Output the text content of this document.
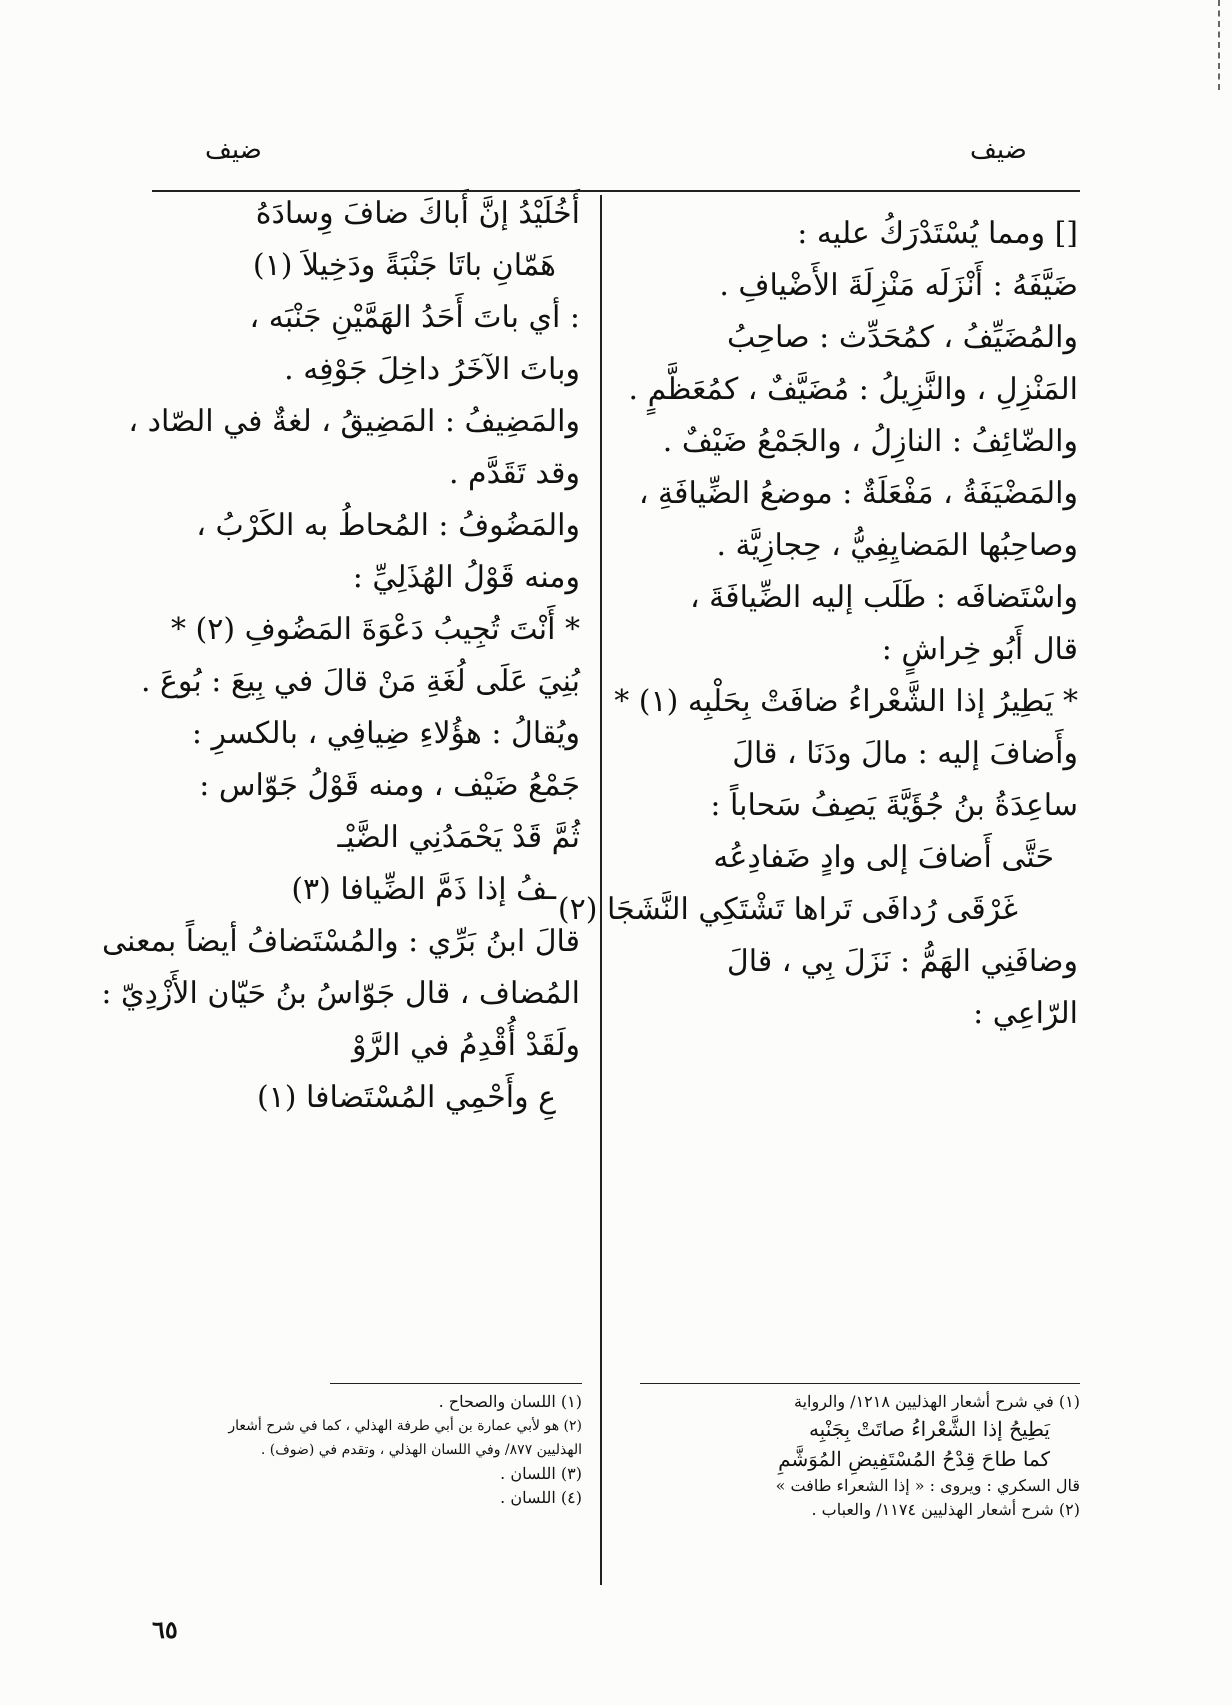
ضيف
ضيف
[] ومما يُسْتَدْرَكُ عليه :
ضَيَّفَهُ : أَنْزَلَه مَنْزِلَةَ الأَضْيافِ .
والمُضَيِّفُ ، كمُحَدِّث : صاحِبُ
المَنْزِلِ ، والنَّزِيلُ : مُضَيَّفٌ ، كمُعَظَّمٍ .
والضّائِفُ : النازِلُ ، والجَمْعُ ضَيْفٌ .
والمَضْيَفَةُ ، مَفْعَلَةٌ : موضعُ الضِّيافَةِ ،
وصاحِبُها المَضايِفِيُّ ، حِجازِيَّة .
واسْتَضافَه : طَلَب إليه الضِّيافَةَ ،
قال أَبُو خِراشٍ :
* يَطِيرُ إذا الشَّعْراءُ ضافَتْ بِحَلْبِه (١) *
وأَضافَ إليه : مالَ ودَنَا ، قالَ
ساعِدَةُ بنُ جُؤَيَّةَ يَصِفُ سَحاباً :
حَتَّى أَضافَ إلى وادٍ ضَفادِعُه
غَرْقَى رُدافَى تَراها تَشْتَكِي النَّشَجَا (٢)
وضافَنِي الهَمُّ : نَزَلَ بِي ، قالَ
الرّاعِي :
أَخُلَيْدُ إنَّ أَباكَ ضافَ وِسادَهُ
هَمّانِ باتَا جَنْبَةً ودَخِيلاَ (١)
: أي باتَ أَحَدُ الهَمَّيْنِ جَنْبَه ،
وباتَ الآخَرُ داخِلَ جَوْفِه .
والمَضِيفُ : المَضِيقُ ، لغةٌ في الصّاد ،
وقد تَقَدَّم .
والمَضُوفُ : المُحاطُ به الكَرْبُ ،
ومنه قَوْلُ الهُذَلِيِّ :
* أَنْتَ تُجِيبُ دَعْوَةَ المَضُوفِ (٢) *
بُنِيَ عَلَى لُغَةِ مَنْ قالَ في بِيعَ : بُوعَ .
ويُقالُ : هؤُلاءِ ضِيافِي ، بالكسرِ :
جَمْعُ ضَيْف ، ومنه قَوْلُ جَوّاس :
ثُمَّ قَدْ يَحْمَدُنِي الضَّيْـ
ـفُ إذا ذَمَّ الضِّيافا (٣)
قالَ ابنُ بَرِّي : والمُسْتَضافُ أيضاً بمعنى
المُضاف ، قال جَوّاسُ بنُ حَيّان الأَزْدِيّ :
ولَقَدْ أُقْدِمُ في الرَّوْ
عِ وأَحْمِي المُسْتَضافا (١)
(١) في شرح أشعار الهذليين ١٢١٨/ والرواية
يَطِيحُ إذا الشَّعْراءُ صاتَتْ بِجَنْبِه
كما طاحَ قِدْحُ المُسْتَفِيضِ المُوَشَّمِ
قال السكري : ويروى : « إذا الشعراء طافت »
(٢) شرح أشعار الهذليين ١١٧٤/ والعباب .
(١) اللسان والصحاح .
(٢) هو لأبي عمارة بن أبي طرفة الهذلي ، كما في شرح أشعار
الهذليين ٨٧٧/ وفي اللسان الهذلي ، وتقدم في (ضوف) .
(٣) اللسان .
(٤) اللسان .
٦٥
